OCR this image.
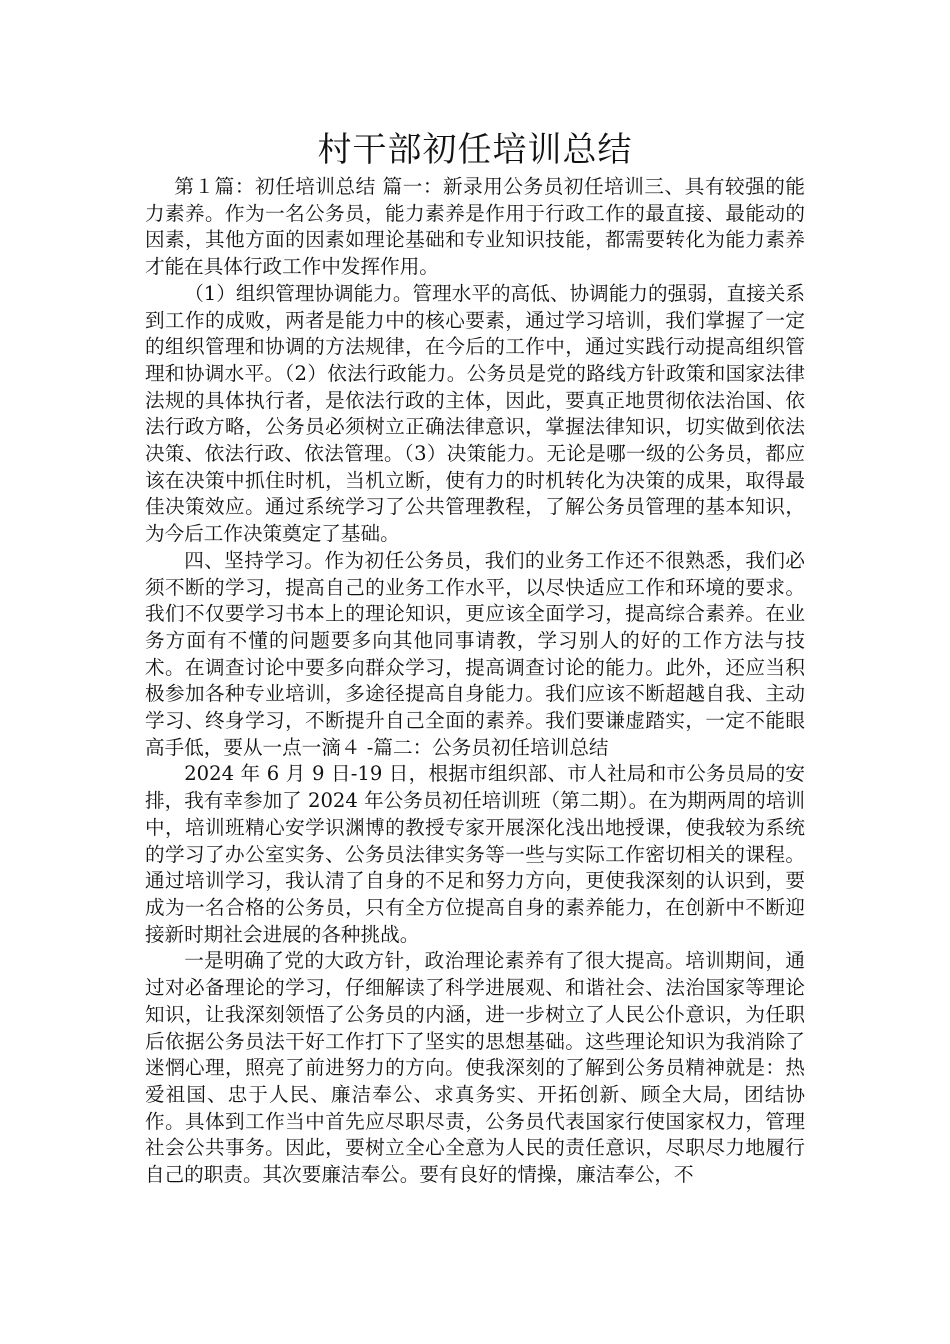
村干部初任培训总结

第１篇：初任培训总结 篇一：新录用公务员初任培训三、具有较强的能力素养。作为一名公务员，能力素养是作用于行政工作的最直接、最能动的因素，其他方面的因素如理论基础和专业知识技能，都需要转化为能力素养才能在具体行政工作中发挥作用。

（1）组织管理协调能力。管理水平的高低、协调能力的强弱，直接关系到工作的成败，两者是能力中的核心要素，通过学习培训，我们掌握了一定的组织管理和协调的方法规律，在今后的工作中，通过实践行动提高组织管理和协调水平。（2）依法行政能力。公务员是党的路线方针政策和国家法律法规的具体执行者，是依法行政的主体，因此，要真正地贯彻依法治国、依法行政方略，公务员必须树立正确法律意识，掌握法律知识，切实做到依法决策、依法行政、依法管理。（3）决策能力。无论是哪一级的公务员，都应该在决策中抓住时机，当机立断，使有力的时机转化为决策的成果，取得最佳决策效应。通过系统学习了公共管理教程，了解公务员管理的基本知识，为今后工作决策奠定了基础。

四、坚持学习。作为初任公务员，我们的业务工作还不很熟悉，我们必须不断的学习，提高自己的业务工作水平，以尽快适应工作和环境的要求。我们不仅要学习书本上的理论知识，更应该全面学习，提高综合素养。在业务方面有不懂的问题要多向其他同事请教，学习别人的好的工作方法与技术。在调查讨论中要多向群众学习，提高调查讨论的能力。此外，还应当积极参加各种专业培训，多途径提高自身能力。我们应该不断超越自我、主动学习、终身学习，不断提升自己全面的素养。我们要谦虚踏实，一定不能眼高手低，要从一点一滴４ -篇二：公务员初任培训总结

2024 年 6 月 9 日-19 日，根据市组织部、市人社局和市公务员局的安排，我有幸参加了 2024 年公务员初任培训班（第二期）。在为期两周的培训中，培训班精心安学识渊博的教授专家开展深化浅出地授课，使我较为系统的学习了办公室实务、公务员法律实务等一些与实际工作密切相关的课程。通过培训学习，我认清了自身的不足和努力方向，更使我深刻的认识到，要成为一名合格的公务员，只有全方位提高自身的素养能力，在创新中不断迎接新时期社会进展的各种挑战。

一是明确了党的大政方针，政治理论素养有了很大提高。培训期间，通过对必备理论的学习，仔细解读了科学进展观、和谐社会、法治国家等理论知识，让我深刻领悟了公务员的内涵，进一步树立了人民公仆意识，为任职后依据公务员法干好工作打下了坚实的思想基础。这些理论知识为我消除了迷惘心理，照亮了前进努力的方向。使我深刻的了解到公务员精神就是：热爱祖国、忠于人民、廉洁奉公、求真务实、开拓创新、顾全大局，团结协作。具体到工作当中首先应尽职尽责，公务员代表国家行使国家权力，管理社会公共事务。因此，要树立全心全意为人民的责任意识，尽职尽力地履行自己的职责。其次要廉洁奉公。要有良好的情操，廉洁奉公，不
